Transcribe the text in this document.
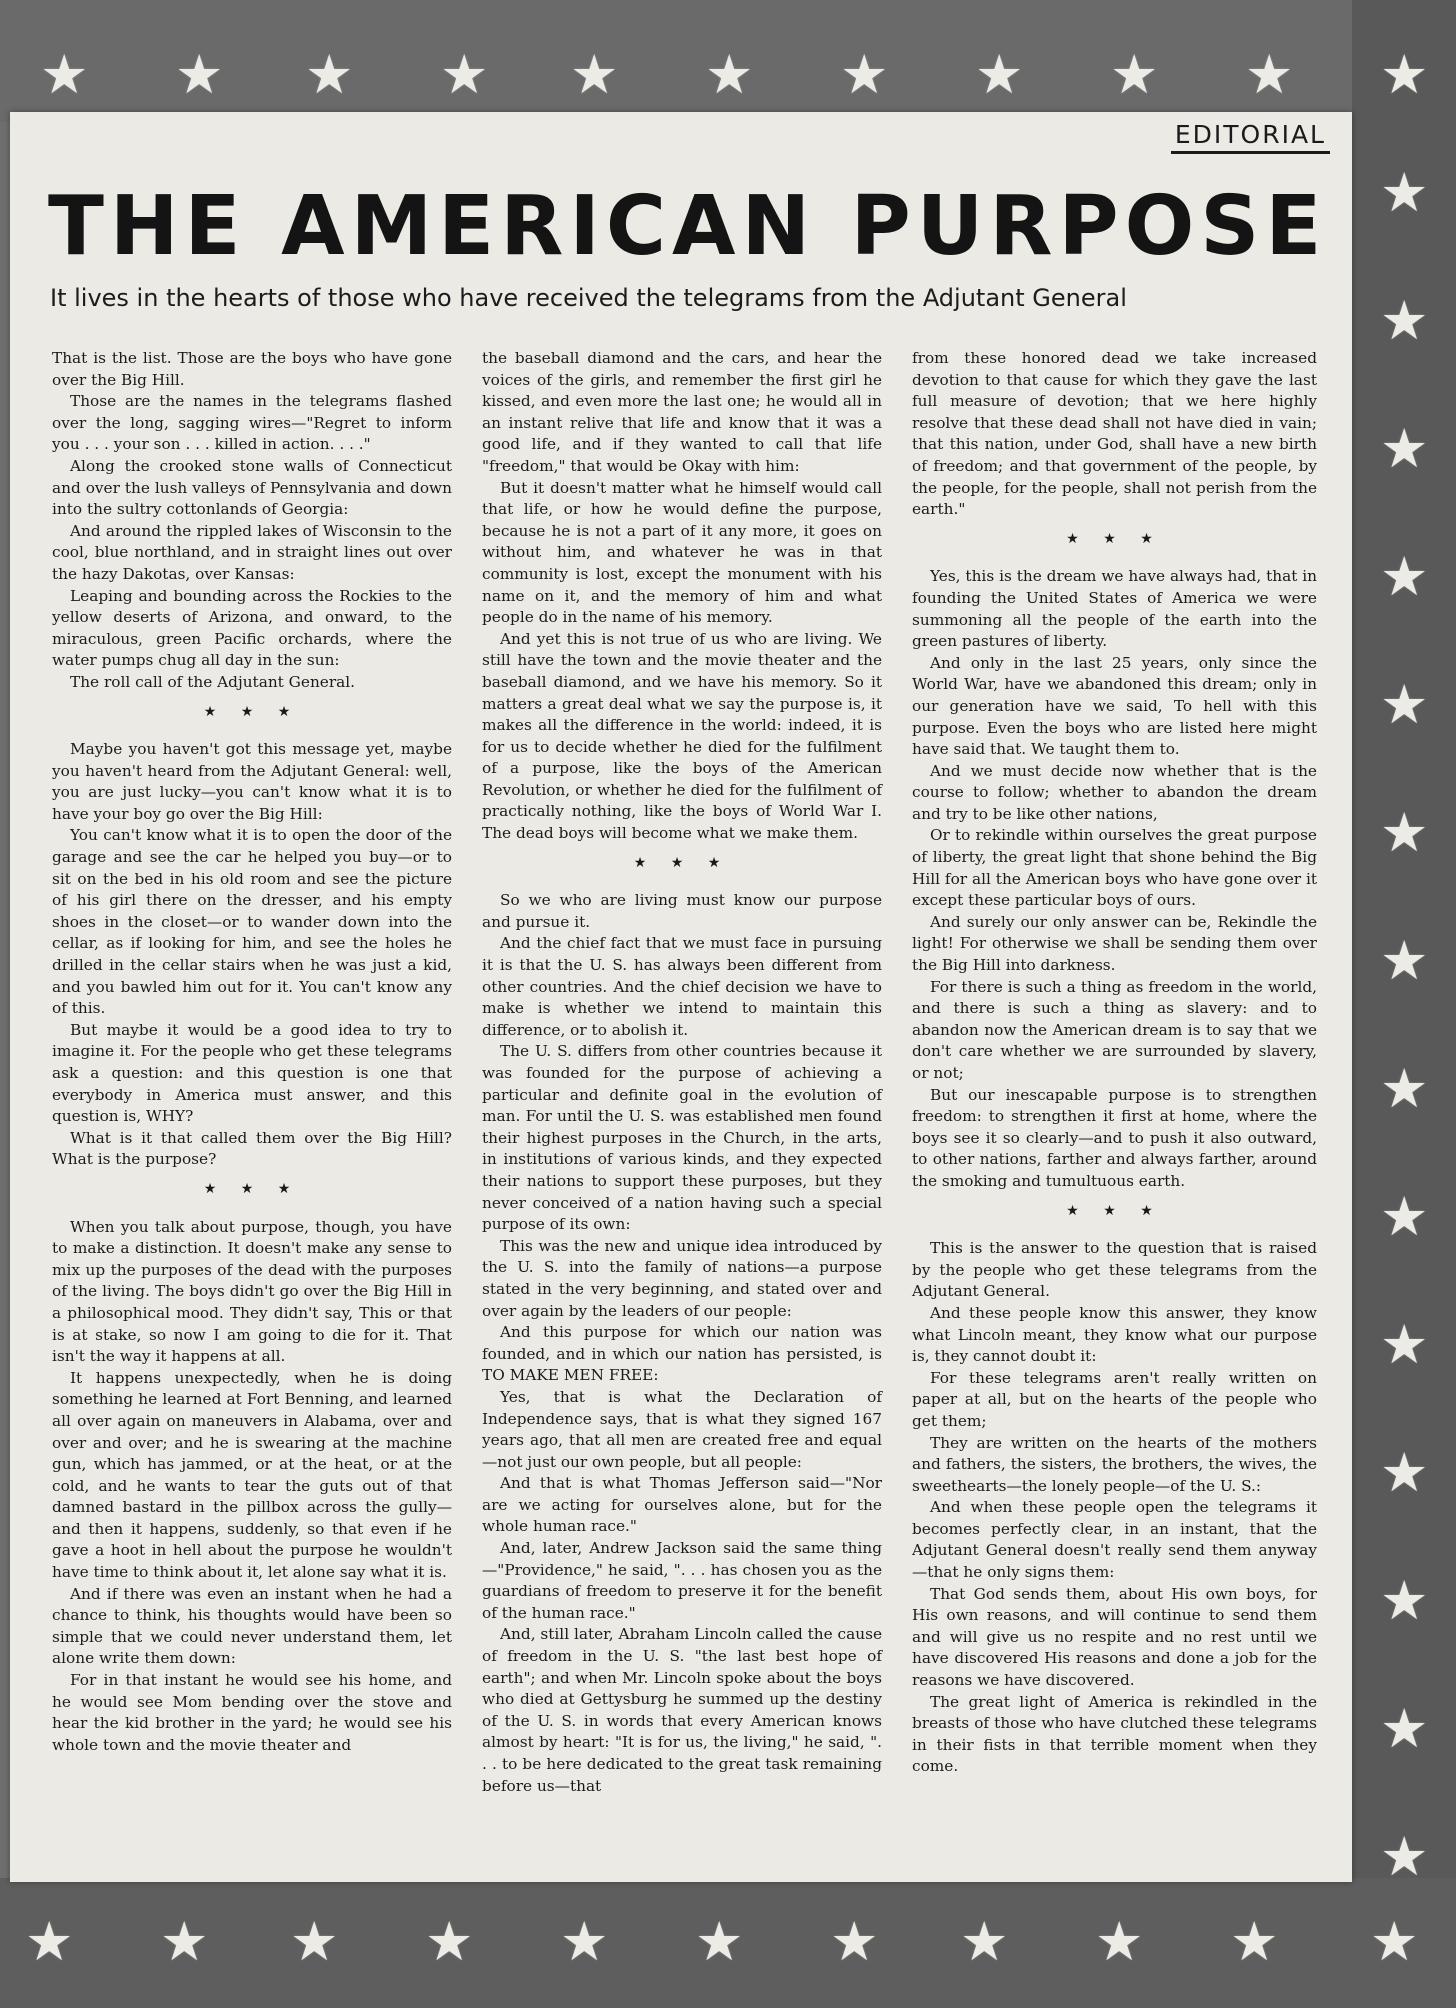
★ ★ ★ ★ ★ ★ ★ ★ ★ ★ ★
★
★
★
★
★
★
★
★
★
★
★
★
★
★
★ ★ ★ ★ ★ ★ ★ ★ ★ ★ ★
EDITORIAL
THE AMERICAN PURPOSE

It lives in the hearts of those who have received the telegrams from the Adjutant General

That is the list. Those are the boys who have gone over the Big Hill.

Those are the names in the telegrams flashed over the long, sagging wires—"Regret to inform you . . . your son . . . killed in action. . . ."

Along the crooked stone walls of Connecticut and over the lush valleys of Pennsylvania and down into the sultry cottonlands of Georgia:

And around the rippled lakes of Wisconsin to the cool, blue northland, and in straight lines out over the hazy Dakotas, over Kansas:

Leaping and bounding across the Rockies to the yellow deserts of Arizona, and onward, to the miraculous, green Pacific orchards, where the water pumps chug all day in the sun:

The roll call of the Adjutant General.

★ ★ ★

Maybe you haven't got this message yet, maybe you haven't heard from the Adjutant General: well, you are just lucky—you can't know what it is to have your boy go over the Big Hill:

You can't know what it is to open the door of the garage and see the car he helped you buy—or to sit on the bed in his old room and see the picture of his girl there on the dresser, and his empty shoes in the closet—or to wander down into the cellar, as if looking for him, and see the holes he drilled in the cellar stairs when he was just a kid, and you bawled him out for it. You can't know any of this.

But maybe it would be a good idea to try to imagine it. For the people who get these telegrams ask a question: and this question is one that everybody in America must answer, and this question is, WHY?

What is it that called them over the Big Hill? What is the purpose?

★ ★ ★

When you talk about purpose, though, you have to make a distinction. It doesn't make any sense to mix up the purposes of the dead with the purposes of the living. The boys didn't go over the Big Hill in a philosophical mood. They didn't say, This or that is at stake, so now I am going to die for it. That isn't the way it happens at all.

It happens unexpectedly, when he is doing something he learned at Fort Benning, and learned all over again on maneuvers in Alabama, over and over and over; and he is swearing at the machine gun, which has jammed, or at the heat, or at the cold, and he wants to tear the guts out of that damned bastard in the pillbox across the gully—and then it happens, suddenly, so that even if he gave a hoot in hell about the purpose he wouldn't have time to think about it, let alone say what it is.

And if there was even an instant when he had a chance to think, his thoughts would have been so simple that we could never understand them, let alone write them down:

For in that instant he would see his home, and he would see Mom bending over the stove and hear the kid brother in the yard; he would see his whole town and the movie theater and

the baseball diamond and the cars, and hear the voices of the girls, and remember the first girl he kissed, and even more the last one; he would all in an instant relive that life and know that it was a good life, and if they wanted to call that life "freedom," that would be Okay with him:

But it doesn't matter what he himself would call that life, or how he would define the purpose, because he is not a part of it any more, it goes on without him, and whatever he was in that community is lost, except the monument with his name on it, and the memory of him and what people do in the name of his memory.

And yet this is not true of us who are living. We still have the town and the movie theater and the baseball diamond, and we have his memory. So it matters a great deal what we say the purpose is, it makes all the difference in the world: indeed, it is for us to decide whether he died for the fulfilment of a purpose, like the boys of the American Revolution, or whether he died for the fulfilment of practically nothing, like the boys of World War I. The dead boys will become what we make them.

★ ★ ★

So we who are living must know our purpose and pursue it.

And the chief fact that we must face in pursuing it is that the U. S. has always been different from other countries. And the chief decision we have to make is whether we intend to maintain this difference, or to abolish it.

The U. S. differs from other countries because it was founded for the purpose of achieving a particular and definite goal in the evolution of man. For until the U. S. was established men found their highest purposes in the Church, in the arts, in institutions of various kinds, and they expected their nations to support these purposes, but they never conceived of a nation having such a special purpose of its own:

This was the new and unique idea introduced by the U. S. into the family of nations—a purpose stated in the very beginning, and stated over and over again by the leaders of our people:

And this purpose for which our nation was founded, and in which our nation has persisted, is TO MAKE MEN FREE:

Yes, that is what the Declaration of Independence says, that is what they signed 167 years ago, that all men are created free and equal—not just our own people, but all people:

And that is what Thomas Jefferson said—"Nor are we acting for ourselves alone, but for the whole human race."

And, later, Andrew Jackson said the same thing—"Providence," he said, ". . . has chosen you as the guardians of freedom to preserve it for the benefit of the human race."

And, still later, Abraham Lincoln called the cause of freedom in the U. S. "the last best hope of earth"; and when Mr. Lincoln spoke about the boys who died at Gettysburg he summed up the destiny of the U. S. in words that every American knows almost by heart: "It is for us, the living," he said, ". . . to be here dedicated to the great task remaining before us—that

from these honored dead we take increased devotion to that cause for which they gave the last full measure of devotion; that we here highly resolve that these dead shall not have died in vain; that this nation, under God, shall have a new birth of freedom; and that government of the people, by the people, for the people, shall not perish from the earth."

★ ★ ★

Yes, this is the dream we have always had, that in founding the United States of America we were summoning all the people of the earth into the green pastures of liberty.

And only in the last 25 years, only since the World War, have we abandoned this dream; only in our generation have we said, To hell with this purpose. Even the boys who are listed here might have said that. We taught them to.

And we must decide now whether that is the course to follow; whether to abandon the dream and try to be like other nations,

Or to rekindle within ourselves the great purpose of liberty, the great light that shone behind the Big Hill for all the American boys who have gone over it except these particular boys of ours.

And surely our only answer can be, Rekindle the light! For otherwise we shall be sending them over the Big Hill into darkness.

For there is such a thing as freedom in the world, and there is such a thing as slavery: and to abandon now the American dream is to say that we don't care whether we are surrounded by slavery, or not;

But our inescapable purpose is to strengthen freedom: to strengthen it first at home, where the boys see it so clearly—and to push it also outward, to other nations, farther and always farther, around the smoking and tumultuous earth.

★ ★ ★

This is the answer to the question that is raised by the people who get these telegrams from the Adjutant General.

And these people know this answer, they know what Lincoln meant, they know what our purpose is, they cannot doubt it:

For these telegrams aren't really written on paper at all, but on the hearts of the people who get them;

They are written on the hearts of the mothers and fathers, the sisters, the brothers, the wives, the sweethearts—the lonely people—of the U. S.:

And when these people open the telegrams it becomes perfectly clear, in an instant, that the Adjutant General doesn't really send them anyway—that he only signs them:

That God sends them, about His own boys, for His own reasons, and will continue to send them and will give us no respite and no rest until we have discovered His reasons and done a job for the reasons we have discovered.

The great light of America is rekindled in the breasts of those who have clutched these telegrams in their fists in that terrible moment when they come.
